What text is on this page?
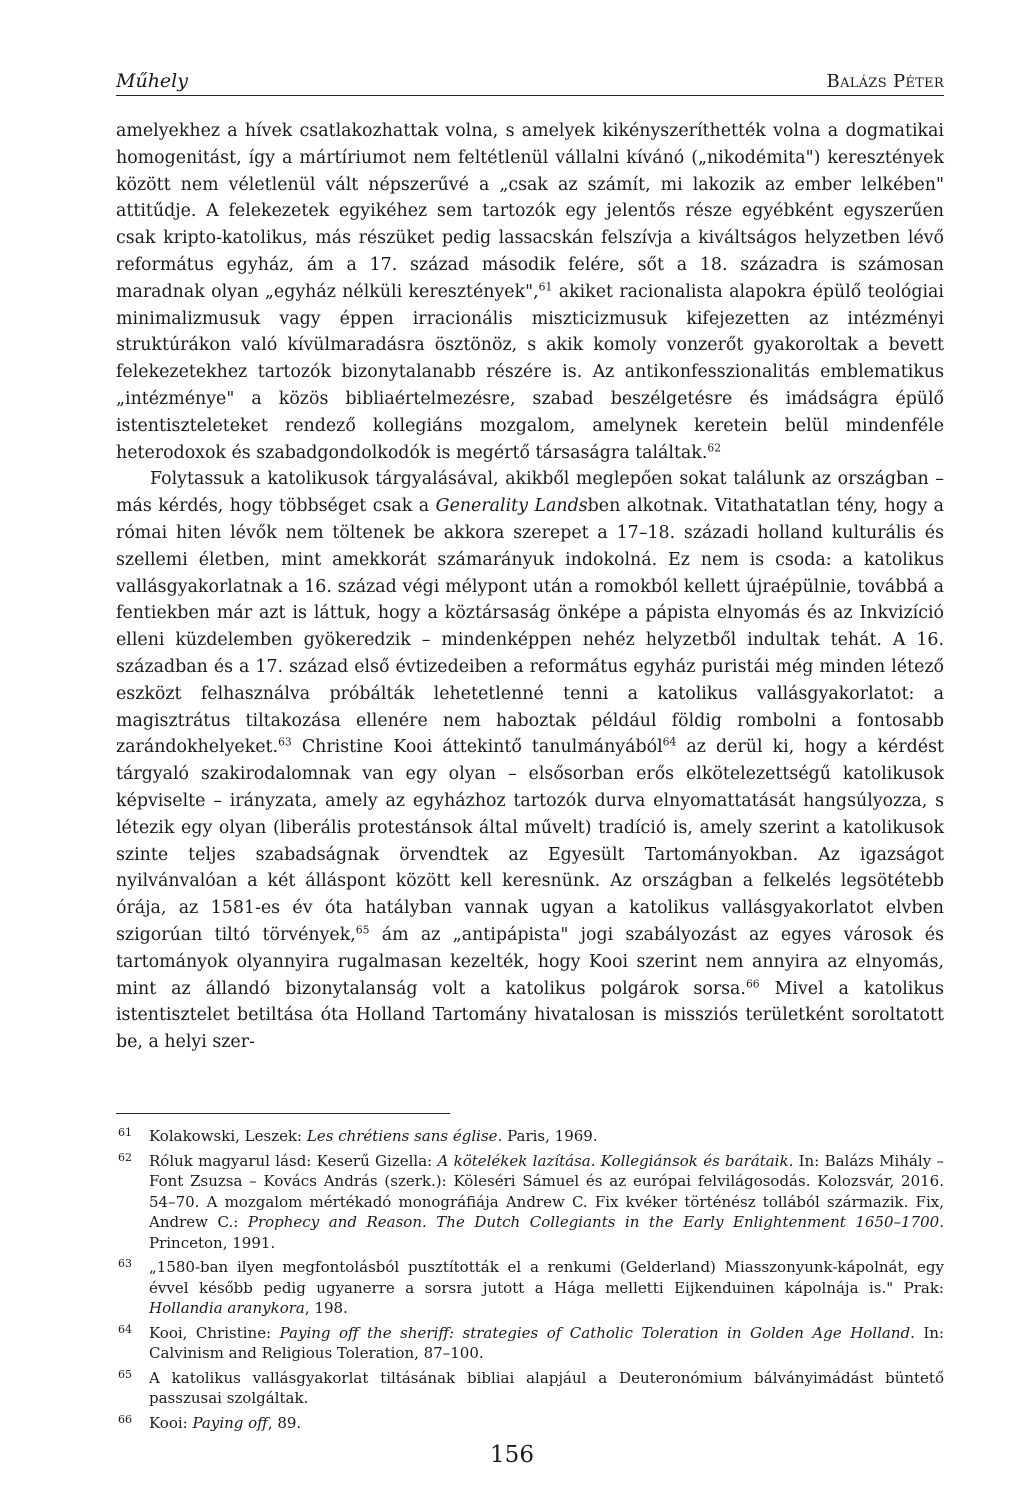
Műhely	Balázs Péter

amelyekhez a hívek csatlakozhattak volna, s amelyek kikényszeríthették volna a dogmatikai homogenitást, így a mártíriumot nem feltétlenül vállalni kívánó („nikodémita") keresztények között nem véletlenül vált népszerűvé a „csak az számít, mi lakozik az ember lelkében" attitűdje. A felekezetek egyikéhez sem tartozók egy jelentős része egyébként egyszerűen csak kripto-katolikus, más részüket pedig lassacskán felszívja a kiváltságos helyzetben lévő református egyház, ám a 17. század második felére, sőt a 18. századra is számosan maradnak olyan „egyház nélküli keresztények",$^{61}$ akiket racionalista alapokra épülő teológiai minimalizmusuk vagy éppen irracionális miszticizmusuk kifejezetten az intézményi struktúrákon való kívülmaradásra ösztönöz, s akik komoly vonzerőt gyakoroltak a bevett felekezetekhez tartozók bizonytalanabb részére is. Az antikonfesszionalitás emblematikus „intézménye" a közös bibliaértelmezésre, szabad beszélgetésre és imádságra épülő istentiszteleteket rendező kollegiáns mozgalom, amelynek keretein belül mindenféle heterodoxok és szabadgondolkodók is megértő társaságra találtak.$^{62}$

Folytassuk a katolikusok tárgyalásával, akikből meglepően sokat találunk az országban – más kérdés, hogy többséget csak a Generality Landsben alkotnak. Vitathatatlan tény, hogy a római hiten lévők nem töltenek be akkora szerepet a 17–18. századi holland kulturális és szellemi életben, mint amekkorát számarányuk indokolná. Ez nem is csoda: a katolikus vallásgyakorlatnak a 16. század végi mélypont után a romokból kellett újraépülnie, továbbá a fentiekben már azt is láttuk, hogy a köztársaság önképe a pápista elnyomás és az Inkvizíció elleni küzdelemben gyökeredzik – mindenképpen nehéz helyzetből indultak tehát. A 16. században és a 17. század első évtizedeiben a református egyház puristái még minden létező eszközt felhasználva próbálták lehetetlenné tenni a katolikus vallásgyakorlatot: a magisztrátus tiltakozása ellenére nem haboztak például földig rombolni a fontosabb zarándokhelyeket.$^{63}$ Christine Kooi áttekintő tanulmányából$^{64}$ az derül ki, hogy a kérdést tárgyaló szakirodalomnak van egy olyan – elsősorban erős elkötelezettségű katolikusok képviselte – irányzata, amely az egyházhoz tartozók durva elnyomattatását hangsúlyozza, s létezik egy olyan (liberális protestánsok által művelt) tradíció is, amely szerint a katolikusok szinte teljes szabadságnak örvendtek az Egyesült Tartományokban. Az igazságot nyilvánvalóan a két álláspont között kell keresnünk. Az országban a felkelés legsötétebb órája, az 1581-es év óta hatályban vannak ugyan a katolikus vallásgyakorlatot elvben szigorúan tiltó törvények,$^{65}$ ám az „antipápista" jogi szabályozást az egyes városok és tartományok olyannyira rugalmasan kezelték, hogy Kooi szerint nem annyira az elnyomás, mint az állandó bizonytalanság volt a katolikus polgárok sorsa.$^{66}$ Mivel a katolikus istentisztelet betiltása óta Holland Tartomány hivatalosan is missziós területként soroltatott be, a helyi szer-

61 Kolakowski, Leszek: Les chrétiens sans église. Paris, 1969.
62 Róluk magyarul lásd: Keserű Gizella: A kötelékek lazítása. Kollegiánsok és barátaik. In: Balázs Mihály – Font Zsuzsa – Kovács András (szerk.): Köleséri Sámuel és az európai felvilágosodás. Kolozsvár, 2016. 54–70. A mozgalom mértékadó monográfiája Andrew C. Fix kvéker történész tollából származik. Fix, Andrew C.: Prophecy and Reason. The Dutch Collegiants in the Early Enlightenment 1650–1700. Princeton, 1991.
63 „1580-ban ilyen megfontolásból pusztították el a renkumi (Gelderland) Miasszonyunk-kápolnát, egy évvel később pedig ugyanerre a sorsra jutott a Hága melletti Eijkenduinen kápolnája is." Prak: Hollandia aranykora, 198.
64 Kooi, Christine: Paying off the sheriff: strategies of Catholic Toleration in Golden Age Holland. In: Calvinism and Religious Toleration, 87–100.
65 A katolikus vallásgyakorlat tiltásának bibliai alapjául a Deuteronómium bálványimádást büntető passzusai szolgáltak.
66 Kooi: Paying off, 89.
156
